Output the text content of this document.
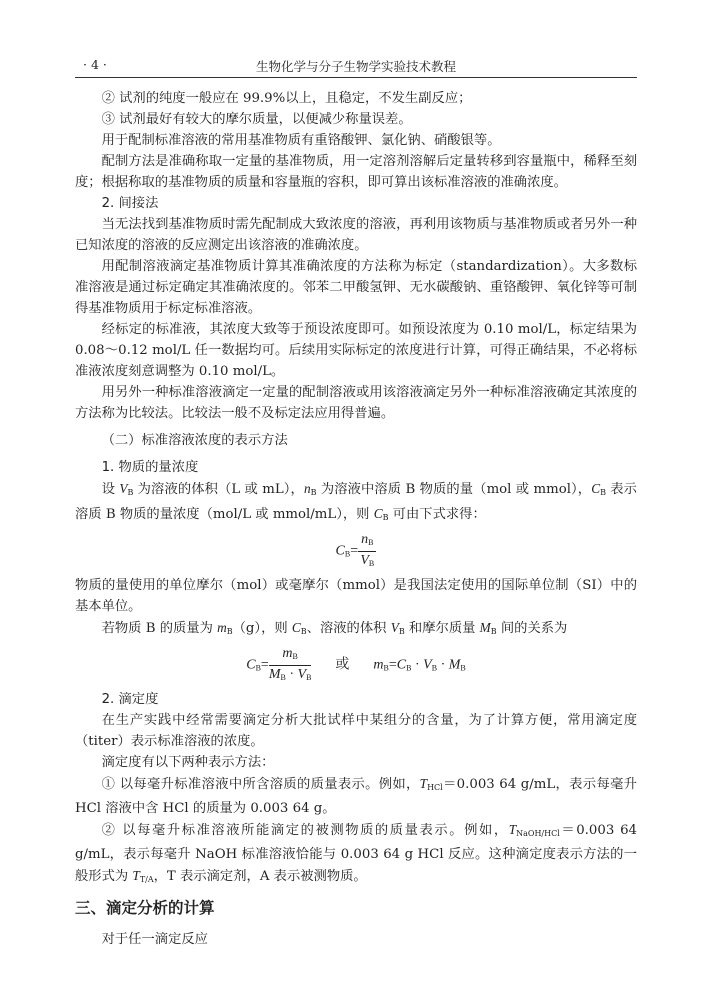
· 4 ·	生物化学与分子生物学实验技术教程

② 试剂的纯度一般应在 99.9%以上，且稳定，不发生副反应；

③ 试剂最好有较大的摩尔质量，以便减少称量误差。

用于配制标准溶液的常用基准物质有重铬酸钾、氯化钠、硝酸银等。

配制方法是准确称取一定量的基准物质，用一定溶剂溶解后定量转移到容量瓶中，稀释至刻度；根据称取的基准物质的质量和容量瓶的容积，即可算出该标准溶液的准确浓度。

2. 间接法

当无法找到基准物质时需先配制成大致浓度的溶液，再利用该物质与基准物质或者另外一种已知浓度的溶液的反应测定出该溶液的准确浓度。

用配制溶液滴定基准物质计算其准确浓度的方法称为标定（standardization）。大多数标准溶液是通过标定确定其准确浓度的。邻苯二甲酸氢钾、无水碳酸钠、重铬酸钾、氧化锌等可制得基准物质用于标定标准溶液。

经标定的标准液，其浓度大致等于预设浓度即可。如预设浓度为 0.10 mol/L，标定结果为 0.08～0.12 mol/L 任一数据均可。后续用实际标定的浓度进行计算，可得正确结果，不必将标准液浓度刻意调整为 0.10 mol/L。

用另外一种标准溶液滴定一定量的配制溶液或用该溶液滴定另外一种标准溶液确定其浓度的方法称为比较法。比较法一般不及标定法应用得普遍。

（二）标准溶液浓度的表示方法

1. 物质的量浓度

设 $V_B$ 为溶液的体积（L 或 mL），$n_B$ 为溶液中溶质 B 物质的量（mol 或 mmol），$C_B$ 表示溶质 B 物质的量浓度（mol/L 或 mmol/mL），则 $C_B$ 可由下式求得：

$C_B= \frac{n_B}{V_B}$

物质的量使用的单位摩尔（mol）或毫摩尔（mmol）是我国法定使用的国际单位制（SI）中的基本单位。

若物质 B 的质量为 $m_B(g)$，则 $C_B$、溶液的体积 $V_B$ 和摩尔质量 $M_B$ 间的关系为

$C_B= \frac{m_B}{M_B \cdot V_B}$ 或 $m_B=C_B \cdot V_B \cdot M_B$

2. 滴定度

在生产实践中经常需要滴定分析大批试样中某组分的含量，为了计算方便，常用滴定度（titer）表示标准溶液的浓度。

滴定度有以下两种表示方法：

① 以每毫升标准溶液中所含溶质的质量表示。例如，$T_{HCl}=0.003$ 64 g/mL，表示每毫升 HCl 溶液中含 HCl 的质量为 0.003 64 g。

② 以每毫升标准溶液所能滴定的被测物质的质量表示。例如，$T_{NaOH/HCl}=0.003$ 64 g/mL，表示每毫升 NaOH 标准溶液恰能与 0.003 64 g HCl 反应。这种滴定度表示方法的一般形式为 $T_{T/A}$，T 表示滴定剂，A 表示被测物质。

三、滴定分析的计算

对于任一滴定反应
